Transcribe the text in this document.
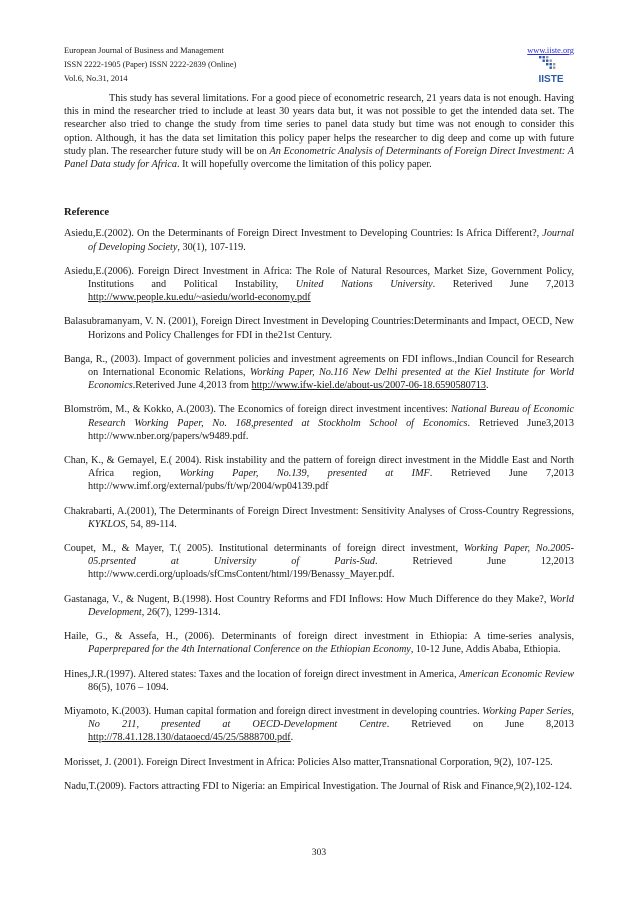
European Journal of Business and Management	www.iiste.org
ISSN 2222-1905 (Paper) ISSN 2222-2839 (Online)
Vol.6, No.31, 2014	IISTE

This study has several limitations. For a good piece of econometric research, 21 years data is not enough. Having this in mind the researcher tried to include at least 30 years data but, it was not possible to get the intended data set. The researcher also tried to change the study from time series to panel data study but time was not enough to consider this option. Although, it has the data set limitation this policy paper helps the researcher to dig deep and come up with future study plan. The researcher future study will be on An Econometric Analysis of Determinants of Foreign Direct Investment: A Panel Data study for Africa. It will hopefully overcome the limitation of this policy paper.

Reference

Asiedu,E.(2002). On the Determinants of Foreign Direct Investment to Developing Countries: Is Africa Different?, Journal of Developing Society, 30(1), 107-119.

Asiedu,E.(2006). Foreign Direct Investment in Africa: The Role of Natural Resources, Market Size, Government Policy, Institutions and Political Instability, United Nations University. Reterived June 7,2013 http://www.people.ku.edu/~asiedu/world-economy.pdf

Balasubramanyam, V. N. (2001), Foreign Direct Investment in Developing Countries:Determinants and Impact, OECD, New Horizons and Policy Challenges for FDI in the21st Century.

Banga, R., (2003). Impact of government policies and investment agreements on FDI inflows.,Indian Council for Research on International Economic Relations, Working Paper, No.116 New Delhi presented at the Kiel Institute for World Economics.Reterived June 4,2013 from http://www.ifw-kiel.de/about-us/2007-06-18.6590580713.

Blomström, M., & Kokko, A.(2003). The Economics of foreign direct investment incentives: National Bureau of Economic Research Working Paper, No. 168,presented at Stockholm School of Economics. Retrieved June3,2013 http://www.nber.org/papers/w9489.pdf.

Chan, K., & Gemayel, E.( 2004). Risk instability and the pattern of foreign direct investment in the Middle East and North Africa region, Working Paper, No.139, presented at IMF. Retrieved June 7,2013 http://www.imf.org/external/pubs/ft/wp/2004/wp04139.pdf

Chakrabarti, A.(2001), The Determinants of Foreign Direct Investment: Sensitivity Analyses of Cross-Country Regressions, KYKLOS, 54, 89-114.

Coupet, M., & Mayer, T.( 2005). Institutional determinants of foreign direct investment, Working Paper, No.2005-05.prsented at University of Paris-Sud. Retrieved June 12,2013 http://www.cerdi.org/uploads/sfCmsContent/html/199/Benassy_Mayer.pdf.

Gastanaga, V., & Nugent, B.(1998). Host Country Reforms and FDI Inflows: How Much Difference do they Make?, World Development, 26(7), 1299-1314.

Haile, G., & Assefa, H., (2006). Determinants of foreign direct investment in Ethiopia: A time-series analysis, Paperprepared for the 4th International Conference on the Ethiopian Economy, 10-12 June, Addis Ababa, Ethiopia.

Hines,J.R.(1997). Altered states: Taxes and the location of foreign direct investment in America, American Economic Review 86(5), 1076 – 1094.

Miyamoto, K.(2003). Human capital formation and foreign direct investment in developing countries. Working Paper Series, No 211, presented at OECD-Development Centre. Retrieved on June 8,2013 http://78.41.128.130/dataoecd/45/25/5888700.pdf.

Morisset, J. (2001). Foreign Direct Investment in Africa: Policies Also matter,Transnational Corporation, 9(2), 107-125.

Nadu,T.(2009). Factors attracting FDI to Nigeria: an Empirical Investigation. The Journal of Risk and Finance,9(2),102-124.

303
